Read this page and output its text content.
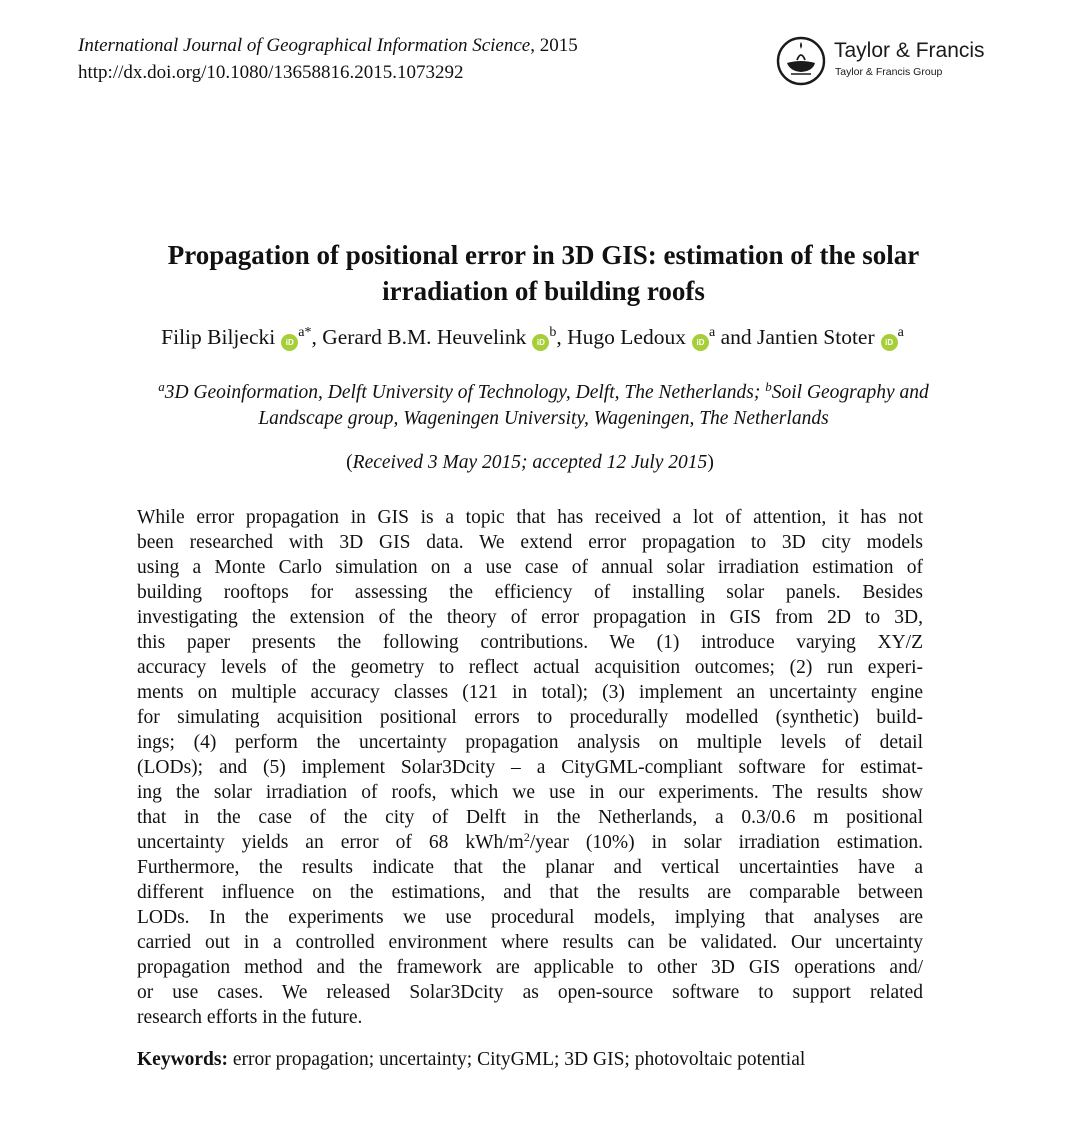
International Journal of Geographical Information Science, 2015
http://dx.doi.org/10.1080/13658816.2015.1073292
Taylor & Francis
Taylor & Francis Group
Propagation of positional error in 3D GIS: estimation of the solar
irradiation of building roofs
Filip Biljecki $iD^{a*}$, Gerard B.M. Heuvelink $iD^b$, Hugo Ledoux $iD^a$ and Jantien Stoter $iD^a$
$^a$3D Geoinformation, Delft University of Technology, Delft, The Netherlands; $^b$Soil Geography and
Landscape group, Wageningen University, Wageningen, The Netherlands
(Received 3 May 2015; accepted 12 July 2015)
While error propagation in GIS is a topic that has received a lot of attention, it has not
been researched with 3D GIS data. We extend error propagation to 3D city models
using a Monte Carlo simulation on a use case of annual solar irradiation estimation of
building rooftops for assessing the efficiency of installing solar panels. Besides
investigating the extension of the theory of error propagation in GIS from 2D to 3D,
this paper presents the following contributions. We (1) introduce varying XY/Z
accuracy levels of the geometry to reflect actual acquisition outcomes; (2) run experi-
ments on multiple accuracy classes (121 in total); (3) implement an uncertainty engine
for simulating acquisition positional errors to procedurally modelled (synthetic) build-
ings; (4) perform the uncertainty propagation analysis on multiple levels of detail
(LODs); and (5) implement Solar3Dcity – a CityGML-compliant software for estimat-
ing the solar irradiation of roofs, which we use in our experiments. The results show
that in the case of the city of Delft in the Netherlands, a 0.3/0.6 m positional
uncertainty yields an error of 68 kWh/$m^2$/year (10%) in solar irradiation estimation.
Furthermore, the results indicate that the planar and vertical uncertainties have a
different influence on the estimations, and that the results are comparable between
LODs. In the experiments we use procedural models, implying that analyses are
carried out in a controlled environment where results can be validated. Our uncertainty
propagation method and the framework are applicable to other 3D GIS operations and/
or use cases. We released Solar3Dcity as open-source software to support related
research efforts in the future.
Keywords: error propagation; uncertainty; CityGML; 3D GIS; photovoltaic potential
